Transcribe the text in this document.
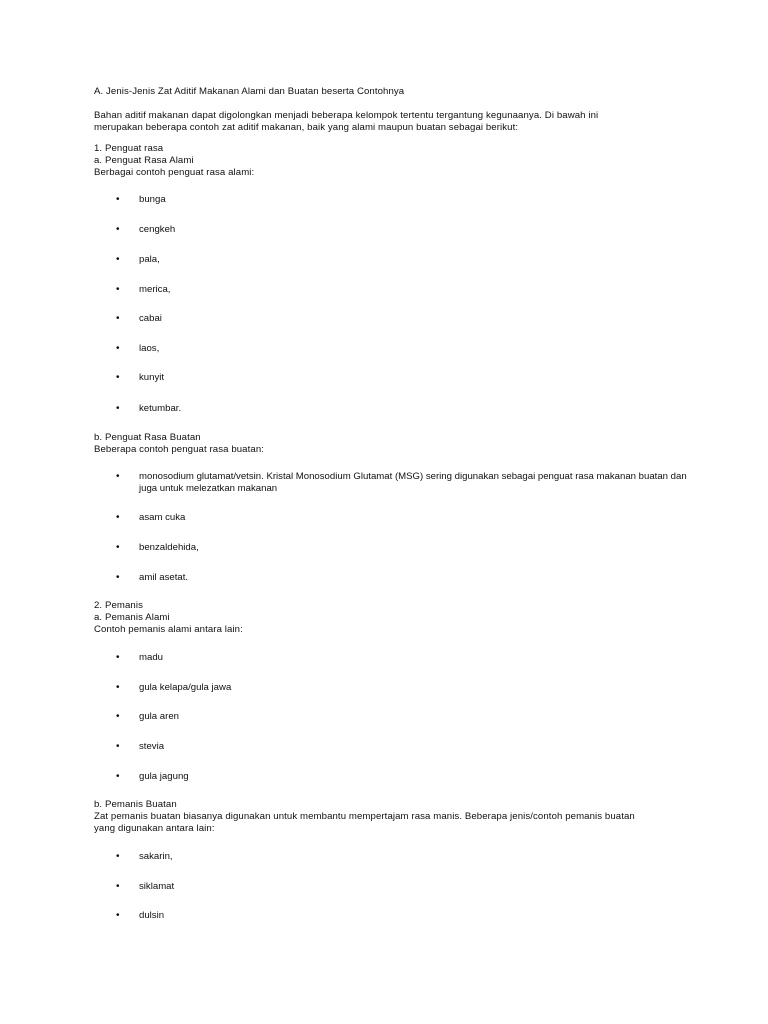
A. Jenis-Jenis Zat Aditif Makanan Alami dan Buatan beserta Contohnya
Bahan aditif makanan dapat digolongkan menjadi beberapa kelompok tertentu tergantung kegunaanya. Di bawah ini
merupakan beberapa contoh zat aditif makanan, baik yang alami maupun buatan sebagai berikut:
1. Penguat rasa
a. Penguat Rasa Alami
Berbagai contoh penguat rasa alami:
•	bunga
•	cengkeh
•	pala,
•	merica,
•	cabai
•	laos,
•	kunyit
•	ketumbar.
b. Penguat Rasa Buatan
Beberapa contoh penguat rasa buatan:
•	monosodium glutamat/vetsin. Kristal Monosodium Glutamat (MSG) sering digunakan sebagai penguat rasa makanan buatan dan juga untuk melezatkan makanan
•	asam cuka
•	benzaldehida,
•	amil asetat.
2. Pemanis
a. Pemanis Alami
Contoh pemanis alami antara lain:
•	madu
•	gula kelapa/gula jawa
•	gula aren
•	stevia
•	gula jagung
b. Pemanis Buatan
Zat pemanis buatan biasanya digunakan untuk membantu mempertajam rasa manis. Beberapa jenis/contoh pemanis buatan
yang digunakan antara lain:
•	sakarin,
•	siklamat
•	dulsin
